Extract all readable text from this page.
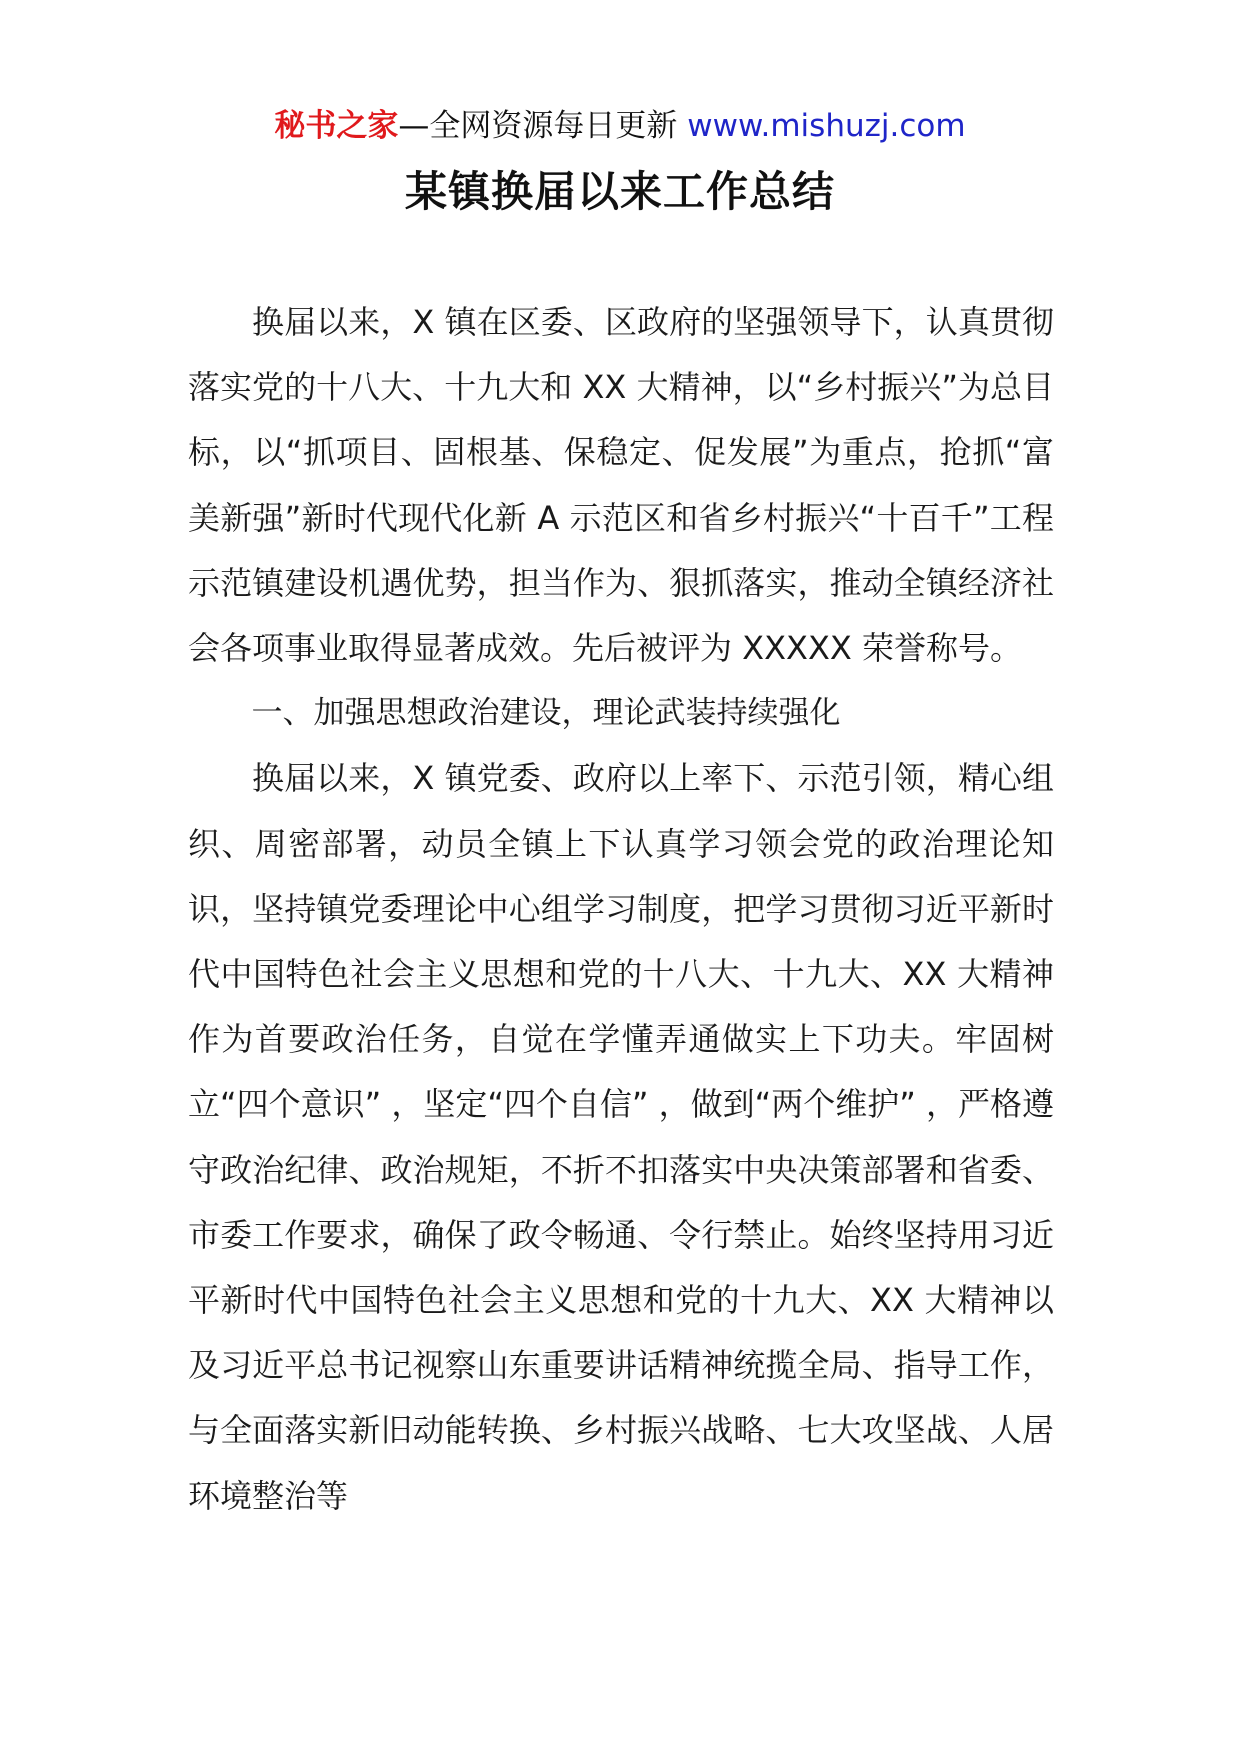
秘书之家—全网资源每日更新 www.mishuzj.com
某镇换届以来工作总结

换届以来，X 镇在区委、区政府的坚强领导下，认真贯彻落实党的十八大、十九大和 XX 大精神，以“乡村振兴”为总目标，以“抓项目、固根基、保稳定、促发展”为重点，抢抓“富美新强”新时代现代化新 A 示范区和省乡村振兴“十百千”工程示范镇建设机遇优势，担当作为、狠抓落实，推动全镇经济社会各项事业取得显著成效。先后被评为 XXXXX 荣誉称号。

一、加强思想政治建设，理论武装持续强化

换届以来，X 镇党委、政府以上率下、示范引领，精心组织、周密部署，动员全镇上下认真学习领会党的政治理论知识，坚持镇党委理论中心组学习制度，把学习贯彻习近平新时代中国特色社会主义思想和党的十八大、十九大、XX 大精神作为首要政治任务，自觉在学懂弄通做实上下功夫。牢固树立“四个意识” ，坚定“四个自信” ，做到“两个维护” ，严格遵守政治纪律、政治规矩，不折不扣落实中央决策部署和省委、市委工作要求，确保了政令畅通、令行禁止。始终坚持用习近平新时代中国特色社会主义思想和党的十九大、XX 大精神以及习近平总书记视察山东重要讲话精神统揽全局、指导工作，与全面落实新旧动能转换、乡村振兴战略、七大攻坚战、人居环境整治等
